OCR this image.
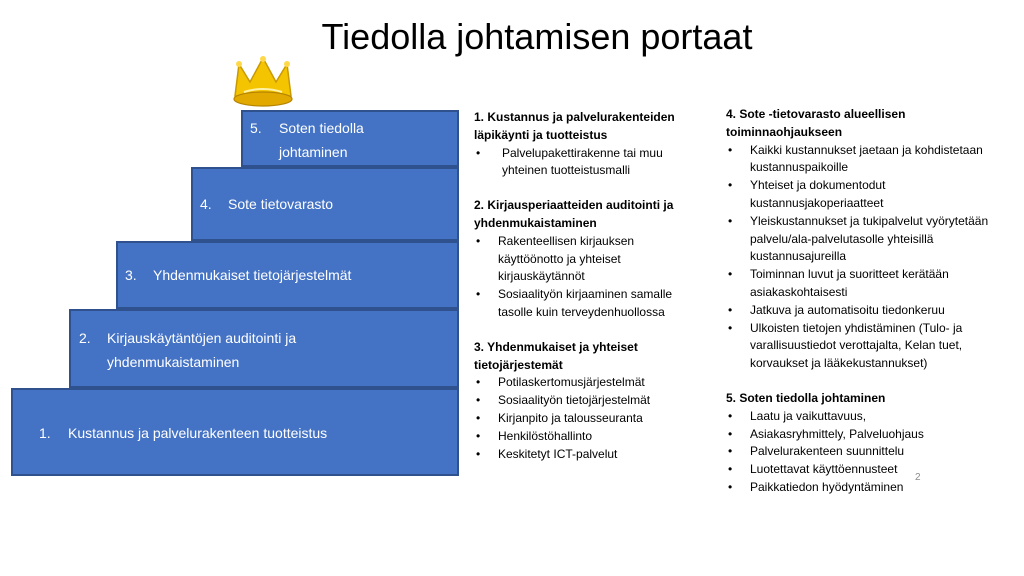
Tiedolla johtamisen portaat
1. Kustannus ja palvelurakenteen tuotteistus
2. Kirjauskäytäntöjen auditointi ja yhdenmukaistaminen
3. Yhdenmukaiset tietojärjestelmät
4. Sote tietovarasto
5. Soten tiedolla johtaminen
1. Kustannus ja palvelurakenteiden läpikäynti ja tuotteistus
• Palvelupakettirakenne tai muu yhteinen tuotteistusmalli
2. Kirjausperiaatteiden auditointi ja yhdenmukaistaminen
• Rakenteellisen kirjauksen käyttöönotto ja yhteiset kirjauskäytännöt
• Sosiaalityön kirjaaminen samalle tasolle kuin terveydenhuollossa
3. Yhdenmukaiset ja yhteiset tietojärjestemät
• Potilaskertomusjärjestelmät
• Sosiaalityön tietojärjestelmät
• Kirjanpito ja talousseuranta
• Henkilöstöhallinto
• Keskitetyt ICT-palvelut
4. Sote -tietovarasto alueellisen toiminnaohjaukseen
• Kaikki kustannukset jaetaan ja kohdistetaan kustannuspaikoille
• Yhteiset ja dokumentodut kustannusjakoperiaatteet
• Yleiskustannukset ja tukipalvelut vyörytetään palvelu/ala-palvelutasolle yhteisillä kustannusajureilla
• Toiminnan luvut ja suoritteet kerätään asiakaskohtaisesti
• Jatkuva ja automatisoitu tiedonkeruu
• Ulkoisten tietojen yhdistäminen (Tulo- ja varallisuustiedot verottajalta, Kelan tuet, korvaukset ja lääkekustannukset)
5. Soten tiedolla johtaminen
• Laatu ja vaikuttavuus,
• Asiakasryhmittely, Palveluohjaus
• Palvelurakenteen suunnittelu
• Luotettavat käyttöennusteet
• Paikkatiedon hyödyntäminen
2
